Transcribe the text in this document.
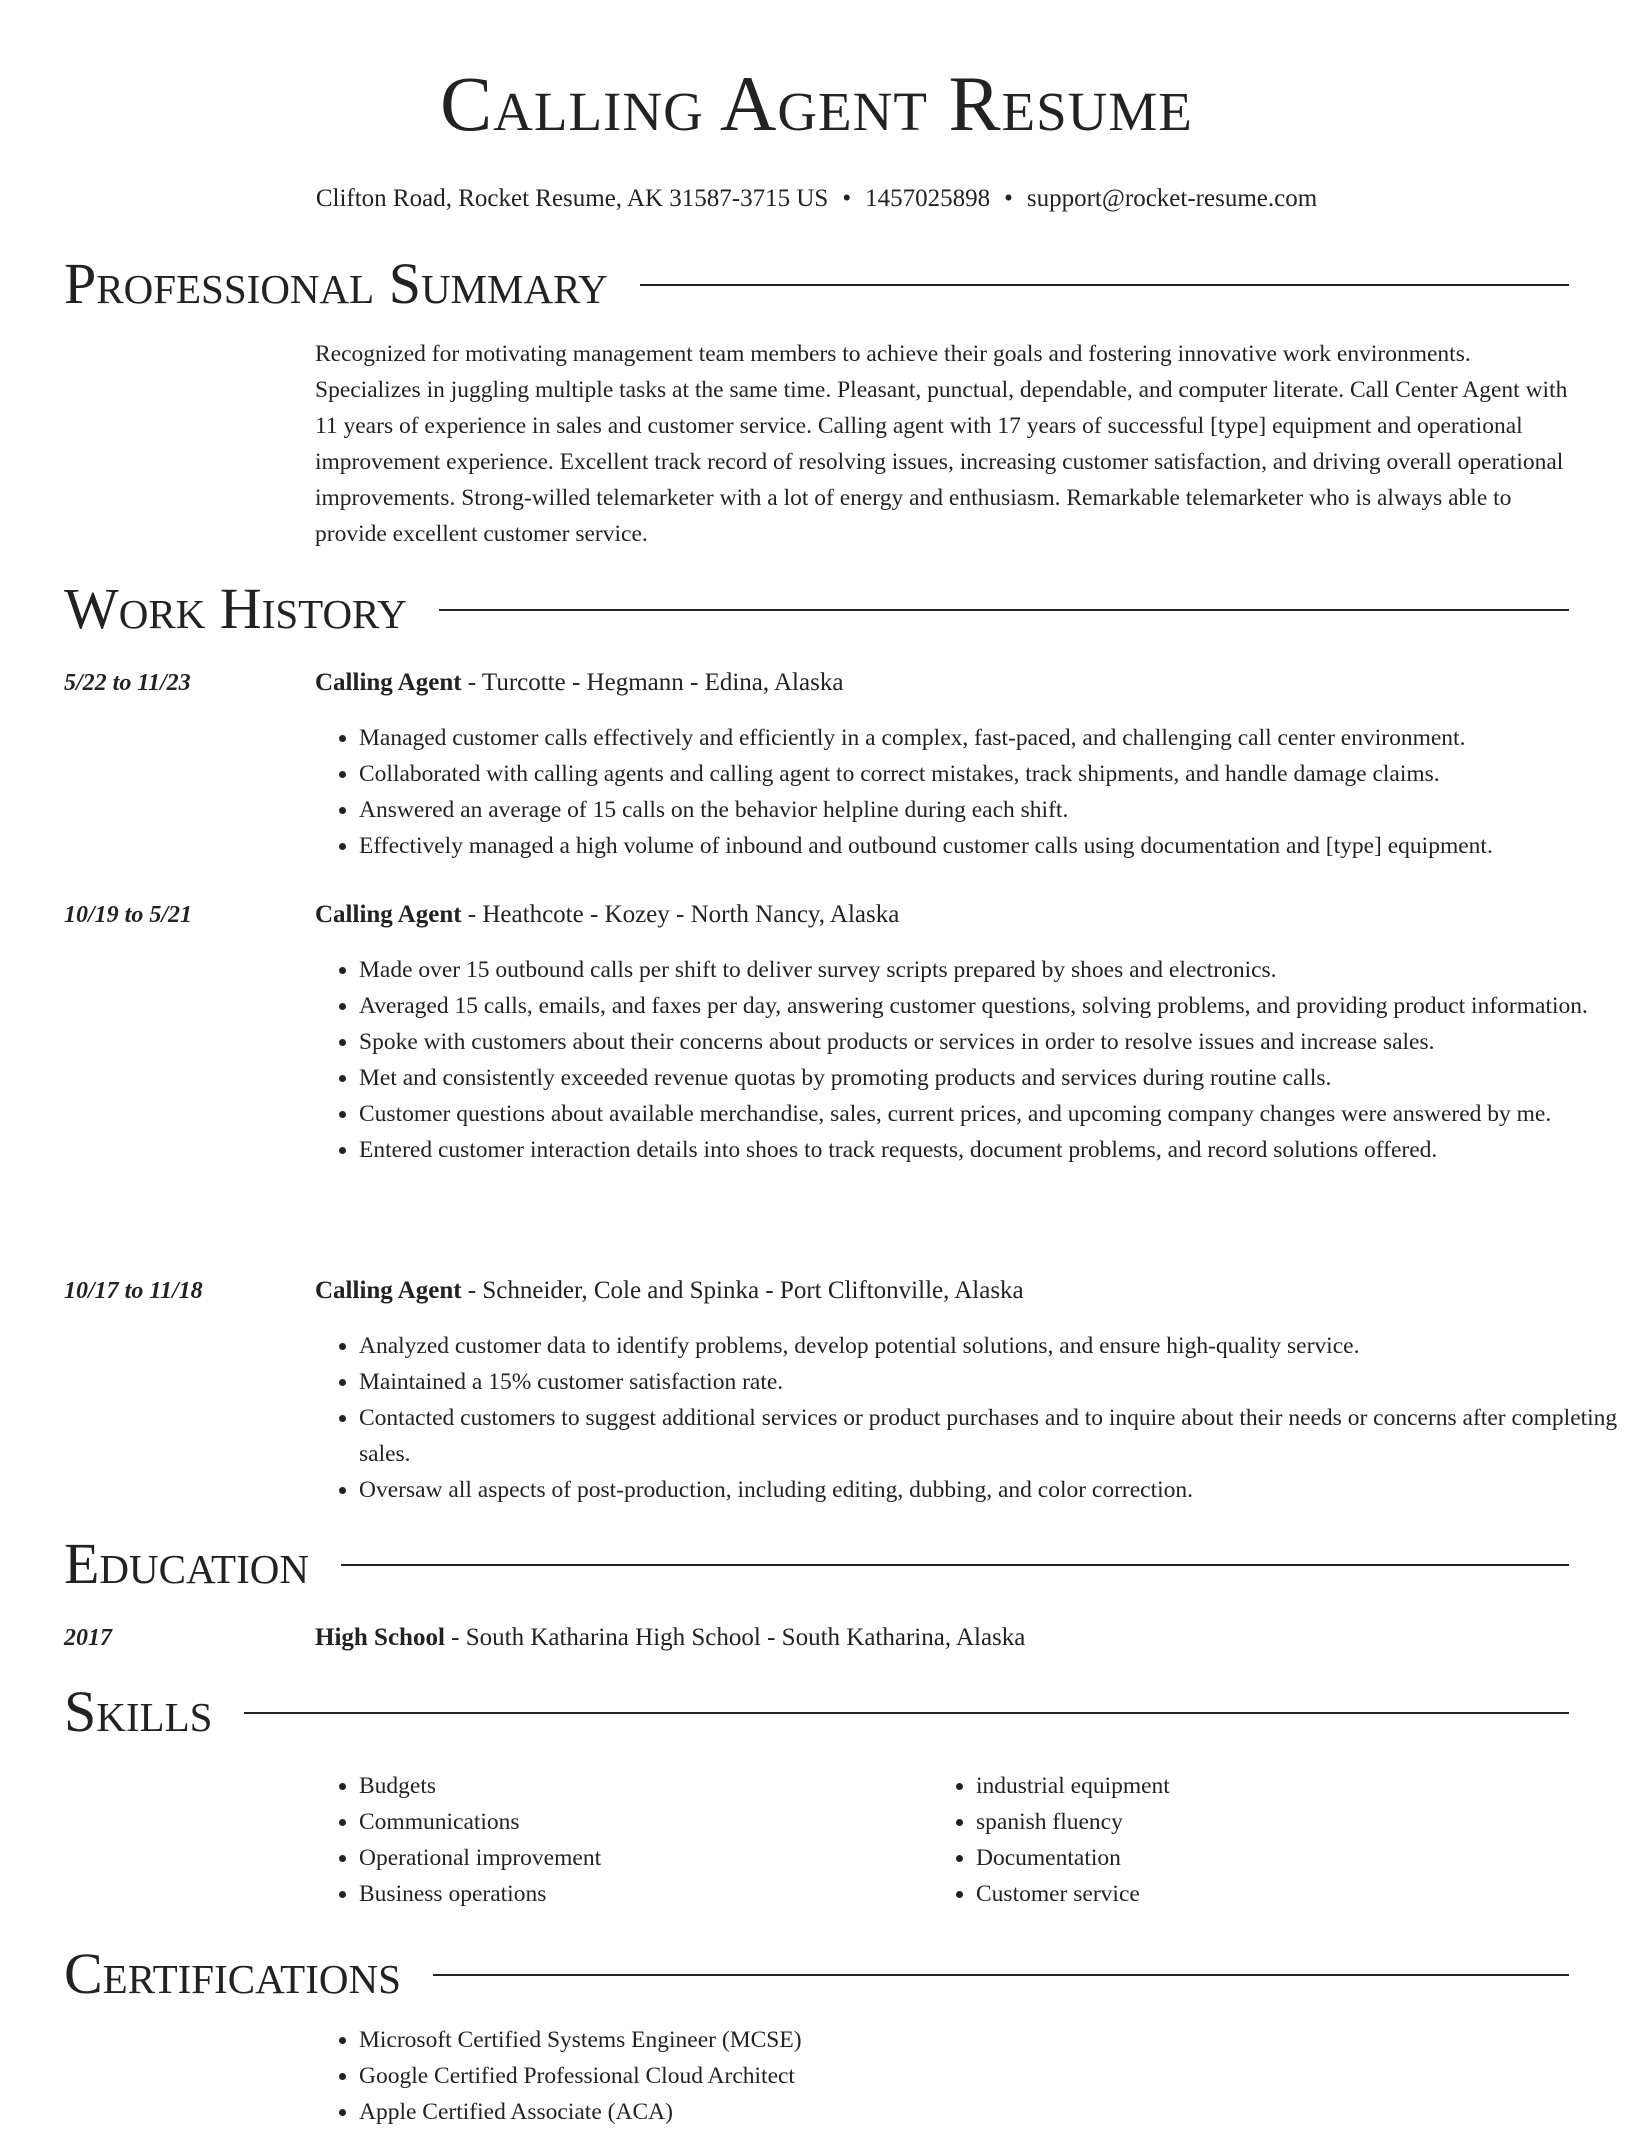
Calling Agent Resume
Clifton Road, Rocket Resume, AK 31587-3715 US • 1457025898 • support@rocket-resume.com
Professional Summary
Recognized for motivating management team members to achieve their goals and fostering innovative work environments. Specializes in juggling multiple tasks at the same time. Pleasant, punctual, dependable, and computer literate. Call Center Agent with 11 years of experience in sales and customer service. Calling agent with 17 years of successful [type] equipment and operational improvement experience. Excellent track record of resolving issues, increasing customer satisfaction, and driving overall operational improvements. Strong-willed telemarketer with a lot of energy and enthusiasm. Remarkable telemarketer who is always able to provide excellent customer service.
Work History
5/22 to 11/23	Calling Agent - Turcotte - Hegmann - Edina, Alaska
• Managed customer calls effectively and efficiently in a complex, fast-paced, and challenging call center environment.
• Collaborated with calling agents and calling agent to correct mistakes, track shipments, and handle damage claims.
• Answered an average of 15 calls on the behavior helpline during each shift.
• Effectively managed a high volume of inbound and outbound customer calls using documentation and [type] equipment.
10/19 to 5/21	Calling Agent - Heathcote - Kozey - North Nancy, Alaska
• Made over 15 outbound calls per shift to deliver survey scripts prepared by shoes and electronics.
• Averaged 15 calls, emails, and faxes per day, answering customer questions, solving problems, and providing product information.
• Spoke with customers about their concerns about products or services in order to resolve issues and increase sales.
• Met and consistently exceeded revenue quotas by promoting products and services during routine calls.
• Customer questions about available merchandise, sales, current prices, and upcoming company changes were answered by me.
• Entered customer interaction details into shoes to track requests, document problems, and record solutions offered.
10/17 to 11/18	Calling Agent - Schneider, Cole and Spinka - Port Cliftonville, Alaska
• Analyzed customer data to identify problems, develop potential solutions, and ensure high-quality service.
• Maintained a 15% customer satisfaction rate.
• Contacted customers to suggest additional services or product purchases and to inquire about their needs or concerns after completing sales.
• Oversaw all aspects of post-production, including editing, dubbing, and color correction.
Education
2017	High School - South Katharina High School - South Katharina, Alaska
Skills
• Budgets
• Communications
• Operational improvement
• Business operations
• industrial equipment
• spanish fluency
• Documentation
• Customer service
Certifications
• Microsoft Certified Systems Engineer (MCSE)
• Google Certified Professional Cloud Architect
• Apple Certified Associate (ACA)
